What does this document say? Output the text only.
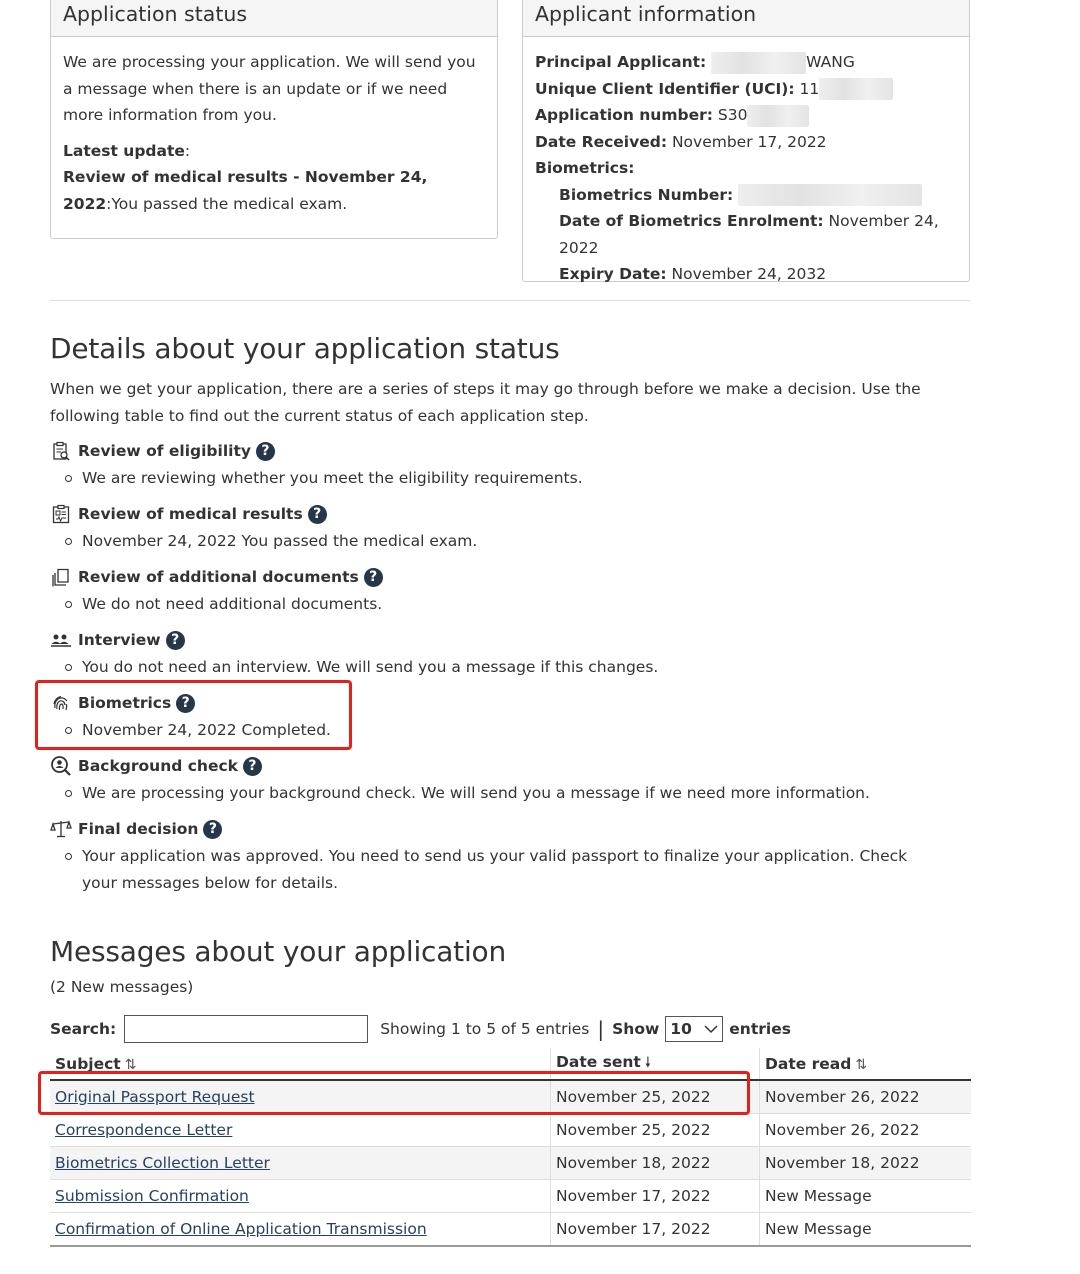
Application status

We are processing your application. We will send you a message when there is an update or if we need more information from you.

Latest update:
Review of medical results - November 24, 2022:You passed the medical exam.
Applicant information
Principal Applicant:	WANG
Unique Client Identifier (UCI): 11
Application number: S30
Date Received: November 17, 2022
Biometrics:
Biometrics Number:
Date of Biometrics Enrolment: November 24, 2022
Expiry Date: November 24, 2032
Details about your application status

When we get your application, there are a series of steps it may go through before we make a decision. Use the following table to find out the current status of each application step.

Review of eligibility ?
We are reviewing whether you meet the eligibility requirements.
Review of medical results ?
November 24, 2022 You passed the medical exam.
Review of additional documents ?
We do not need additional documents.
Interview ?
You do not need an interview. We will send you a message if this changes.
Biometrics ?
November 24, 2022 Completed.
Background check ?
We are processing your background check. We will send you a message if we need more information.
Final decision ?
Your application was approved. You need to send us your valid passport to finalize your application. Check your messages below for details.
Messages about your application
(2 New messages)
Search:	Showing 1 to 5 of 5 entries | Show 10 entries
Subject ⇅	Date sent 🠗	Date read ⇅
Original Passport Request	November 25, 2022	November 26, 2022
Correspondence Letter	November 25, 2022	November 26, 2022
Biometrics Collection Letter	November 18, 2022	November 18, 2022
Submission Confirmation	November 17, 2022	New Message
Confirmation of Online Application Transmission	November 17, 2022	New Message
